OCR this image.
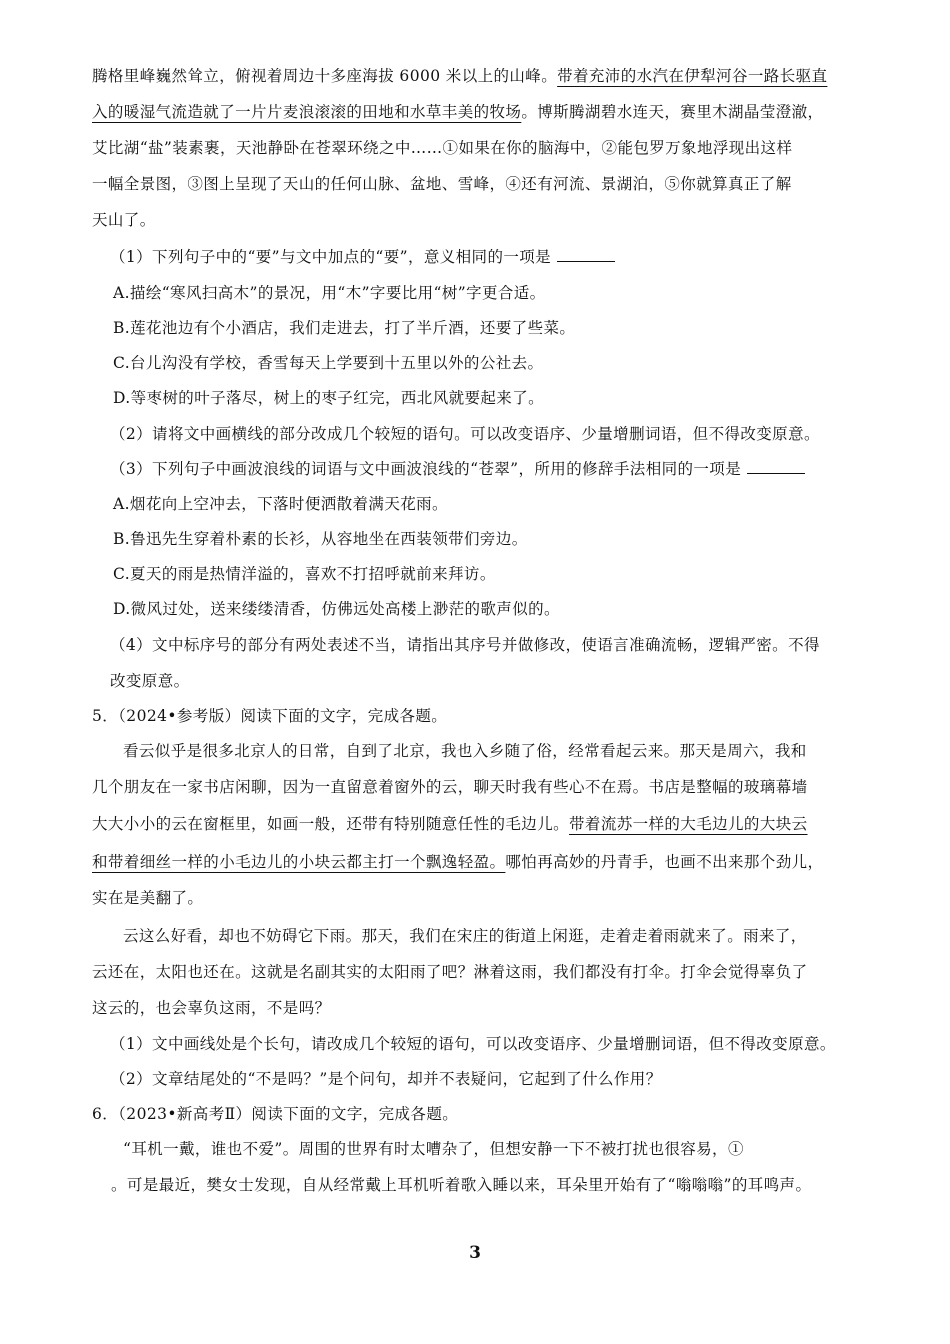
腾格里峰巍然耸立，俯视着周边十多座海拔 6000 米以上的山峰。带着充沛的水汽在伊犁河谷一路长驱直
入的暖湿气流造就了一片片麦浪滚滚的田地和水草丰美的牧场。博斯腾湖碧水连天，赛里木湖晶莹澄澈，
艾比湖“盐”装素裹，天池静卧在苍翠环绕之中……①如果在你的脑海中，②能包罗万象地浮现出这样
一幅全景图，③图上呈现了天山的任何山脉、盆地、雪峰，④还有河流、景湖泊，⑤你就算真正了解
天山了。
（1）下列句子中的“要”与文中加点的“要”，意义相同的一项是
A.描绘“寒风扫高木”的景况，用“木”字要比用“树”字更合适。
B.莲花池边有个小酒店，我们走进去，打了半斤酒，还要了些菜。
C.台儿沟没有学校，香雪每天上学要到十五里以外的公社去。
D.等枣树的叶子落尽，树上的枣子红完，西北风就要起来了。
（2）请将文中画横线的部分改成几个较短的语句。可以改变语序、少量增删词语，但不得改变原意。
（3）下列句子中画波浪线的词语与文中画波浪线的“苍翠”，所用的修辞手法相同的一项是
A.烟花向上空冲去，下落时便洒散着满天花雨。
B.鲁迅先生穿着朴素的长衫，从容地坐在西装领带们旁边。
C.夏天的雨是热情洋溢的，喜欢不打招呼就前来拜访。
D.微风过处，送来缕缕清香，仿佛远处高楼上渺茫的歌声似的。
（4）文中标序号的部分有两处表述不当，请指出其序号并做修改，使语言准确流畅，逻辑严密。不得
改变原意。
5．（2024•参考版）阅读下面的文字，完成各题。
看云似乎是很多北京人的日常，自到了北京，我也入乡随了俗，经常看起云来。那天是周六，我和
几个朋友在一家书店闲聊，因为一直留意着窗外的云，聊天时我有些心不在焉。书店是整幅的玻璃幕墙
大大小小的云在窗框里，如画一般，还带有特别随意任性的毛边儿。带着流苏一样的大毛边儿的大块云
和带着细丝一样的小毛边儿的小块云都主打一个飘逸轻盈。哪怕再高妙的丹青手，也画不出来那个劲儿，
实在是美翻了。
云这么好看，却也不妨碍它下雨。那天，我们在宋庄的街道上闲逛，走着走着雨就来了。雨来了，
云还在，太阳也还在。这就是名副其实的太阳雨了吧？淋着这雨，我们都没有打伞。打伞会觉得辜负了
这云的，也会辜负这雨，不是吗？
（1）文中画线处是个长句，请改成几个较短的语句，可以改变语序、少量增删词语，但不得改变原意。
（2）文章结尾处的“不是吗？”是个问句，却并不表疑问，它起到了什么作用？
6．（2023•新高考Ⅱ）阅读下面的文字，完成各题。
“耳机一戴，谁也不爱”。周围的世界有时太嘈杂了，但想安静一下不被打扰也很容易，①
。可是最近，樊女士发现，自从经常戴上耳机听着歌入睡以来，耳朵里开始有了“嗡嗡嗡”的耳鸣声。
3
